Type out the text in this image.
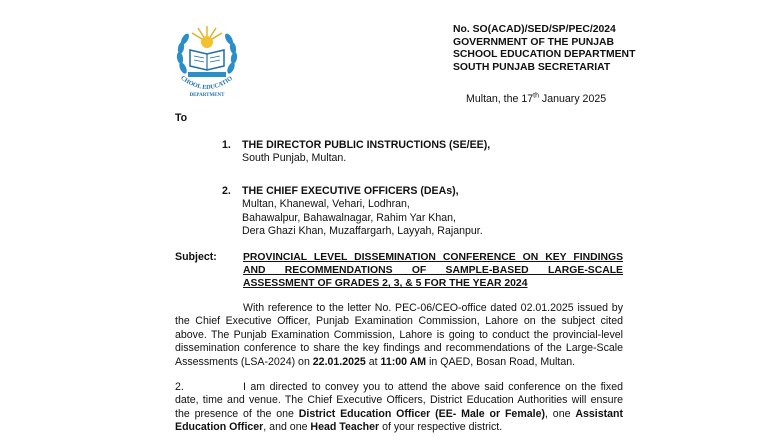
CHOOL EDUCATIO
DEPARTMENT
No. SO(ACAD)/SED/SP/PEC/2024
GOVERNMENT OF THE PUNJAB
SCHOOL EDUCATION DEPARTMENT
SOUTH PUNJAB SECRETARIAT
Multan, the 17th January 2025
To
1. THE DIRECTOR PUBLIC INSTRUCTIONS (SE/EE),
South Punjab, Multan.
2. THE CHIEF EXECUTIVE OFFICERS (DEAs),
Multan, Khanewal, Vehari, Lodhran,
Bahawalpur, Bahawalnagar, Rahim Yar Khan,
Dera Ghazi Khan, Muzaffargarh, Layyah, Rajanpur.
Subject:	PROVINCIAL LEVEL DISSEMINATION CONFERENCE ON KEY FINDINGS AND RECOMMENDATIONS OF SAMPLE-BASED LARGE-SCALE ASSESSMENT OF GRADES 2, 3, & 5 FOR THE YEAR 2024
With reference to the letter No. PEC-06/CEO-office dated 02.01.2025 issued by the Chief Executive Officer, Punjab Examination Commission, Lahore on the subject cited above. The Punjab Examination Commission, Lahore is going to conduct the provincial-level dissemination conference to share the key findings and recommendations of the Large-Scale Assessments (LSA-2024) on 22.01.2025 at 11:00 AM in QAED, Bosan Road, Multan.
2.	I am directed to convey you to attend the above said conference on the fixed date, time and venue. The Chief Executive Officers, District Education Authorities will ensure the presence of the one District Education Officer (EE- Male or Female), one Assistant Education Officer, and one Head Teacher of your respective district.
